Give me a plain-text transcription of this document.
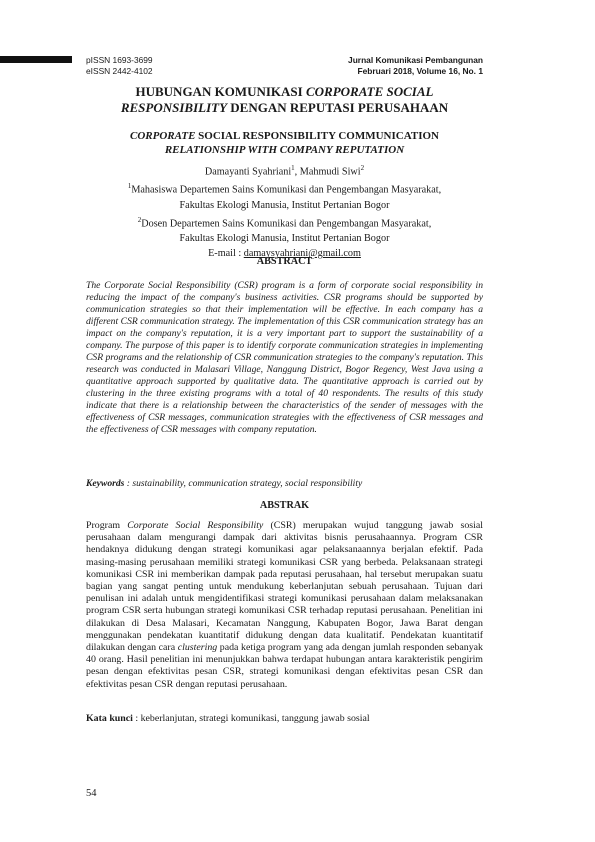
pISSN 1693-3699
eISSN 2442-4102
Jurnal Komunikasi Pembangunan
Februari 2018, Volume 16, No. 1
HUBUNGAN KOMUNIKASI CORPORATE SOCIAL
RESPONSIBILITY DENGAN REPUTASI PERUSAHAAN
CORPORATE SOCIAL RESPONSIBILITY COMMUNICATION
RELATIONSHIP WITH COMPANY REPUTATION
Damayanti Syahriani$^1$, Mahmudi Siwi$^2$
$^1$Mahasiswa Departemen Sains Komunikasi dan Pengembangan Masyarakat,
Fakultas Ekologi Manusia, Institut Pertanian Bogor
$^2$Dosen Departemen Sains Komunikasi dan Pengembangan Masyarakat,
Fakultas Ekologi Manusia, Institut Pertanian Bogor
E-mail : damaysyahriani@gmail.com
ABSTRACT
The Corporate Social Responsibility (CSR) program is a form of corporate social responsibility in reducing the impact of the company's business activities. CSR programs should be supported by communication strategies so that their implementation will be effective. In each company has a different CSR communication strategy. The implementation of this CSR communication strategy has an impact on the company's reputation, it is a very important part to support the sustainability of a company. The purpose of this paper is to identify corporate communication strategies in implementing CSR programs and the relationship of CSR communication strategies to the company's reputation. This research was conducted in Malasari Village, Nanggung District, Bogor Regency, West Java using a quantitative approach supported by qualitative data. The quantitative approach is carried out by clustering in the three existing programs with a total of 40 respondents. The results of this study indicate that there is a relationship between the characteristics of the sender of messages with the effectiveness of CSR messages, communication strategies with the effectiveness of CSR messages and the effectiveness of CSR messages with company reputation.
Keywords : sustainability, communication strategy, social responsibility
ABSTRAK
Program Corporate Social Responsibility (CSR) merupakan wujud tanggung jawab sosial perusahaan dalam mengurangi dampak dari aktivitas bisnis perusahaannya. Program CSR hendaknya didukung dengan strategi komunikasi agar pelaksanaannya berjalan efektif. Pada masing-masing perusahaan memiliki strategi komunikasi CSR yang berbeda. Pelaksanaan strategi komunikasi CSR ini memberikan dampak pada reputasi perusahaan, hal tersebut merupakan suatu bagian yang sangat penting untuk mendukung keberlanjutan sebuah perusahaan. Tujuan dari penulisan ini adalah untuk mengidentifikasi strategi komunikasi perusahaan dalam melaksanakan program CSR serta hubungan strategi komunikasi CSR terhadap reputasi perusahaan. Penelitian ini dilakukan di Desa Malasari, Kecamatan Nanggung, Kabupaten Bogor, Jawa Barat dengan menggunakan pendekatan kuantitatif didukung dengan data kualitatif. Pendekatan kuantitatif dilakukan dengan cara clustering pada ketiga program yang ada dengan jumlah responden sebanyak 40 orang. Hasil penelitian ini menunjukkan bahwa terdapat hubungan antara karakteristik pengirim pesan dengan efektivitas pesan CSR, strategi komunikasi dengan efektivitas pesan CSR dan efektivitas pesan CSR dengan reputasi perusahaan.
Kata kunci : keberlanjutan, strategi komunikasi, tanggung jawab sosial
54
